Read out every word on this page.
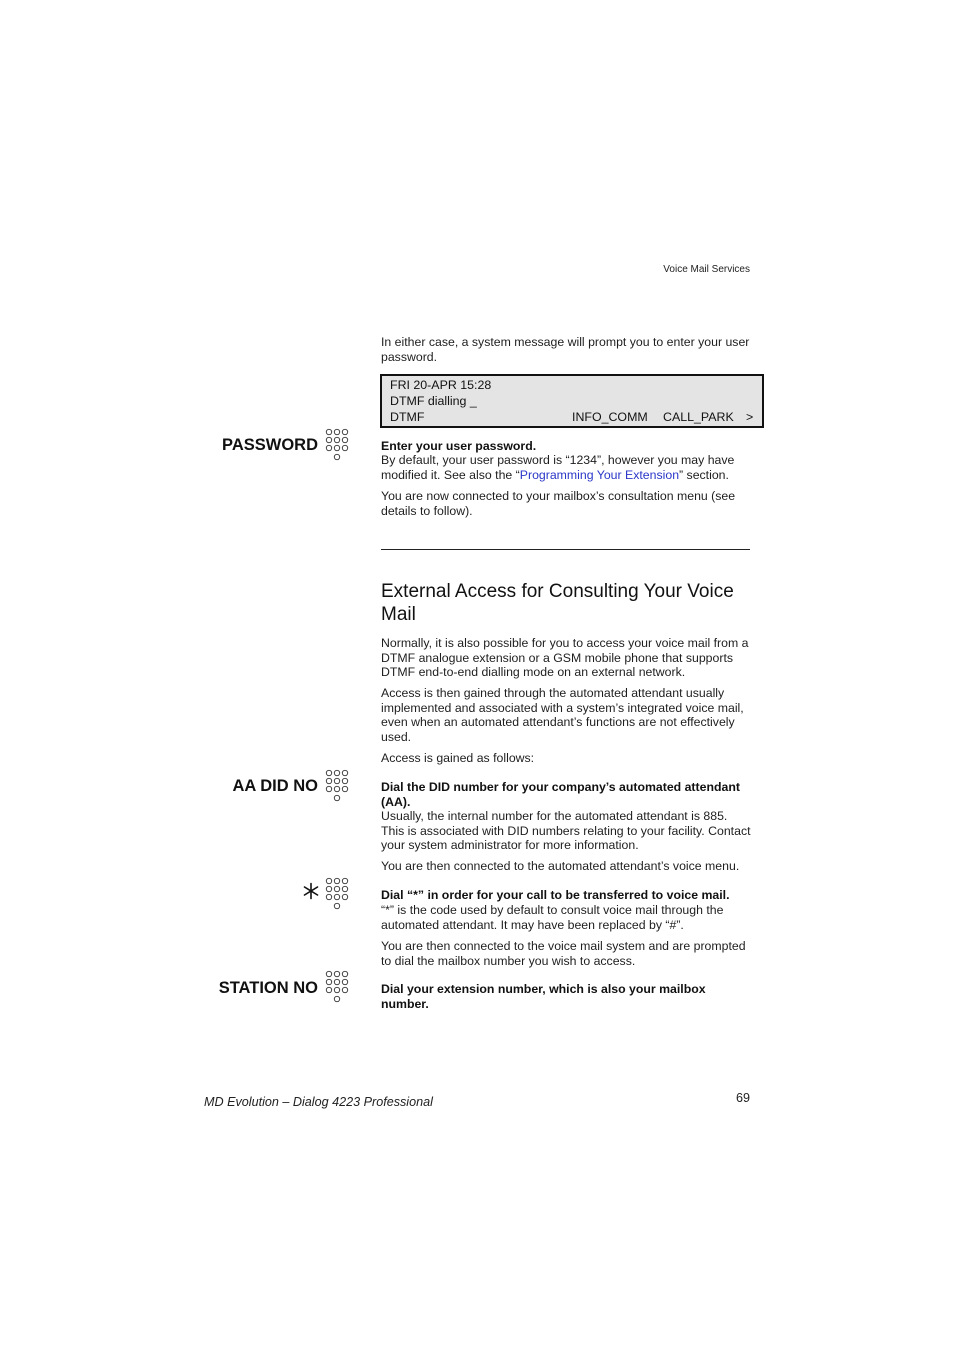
Voice Mail Services
In either case, a system message will prompt you to enter your user password.
FRI 20-APR 15:28
DTMF dialling _
DTMF	INFO_COMM CALL_PARK >
PASSWORD	Enter your user password.
By default, your user password is “1234”, however you may have modified it. See also the “Programming Your Extension” section.
You are now connected to your mailbox’s consultation menu (see details to follow).
External Access for Consulting Your Voice Mail
Normally, it is also possible for you to access your voice mail from a DTMF analogue extension or a GSM mobile phone that supports DTMF end-to-end dialling mode on an external network.
Access is then gained through the automated attendant usually implemented and associated with a system’s integrated voice mail, even when an automated attendant’s functions are not effectively used.
Access is gained as follows:
AA DID NO	Dial the DID number for your company’s automated attendant (AA).
Usually, the internal number for the automated attendant is 885. This is associated with DID numbers relating to your facility. Contact your system administrator for more information.
You are then connected to the automated attendant’s voice menu.
Dial “*” in order for your call to be transferred to voice mail.
“*” is the code used by default to consult voice mail through the automated attendant. It may have been replaced by “#”.
You are then connected to the voice mail system and are prompted to dial the mailbox number you wish to access.
STATION NO	Dial your extension number, which is also your mailbox number.
MD Evolution – Dialog 4223 Professional	69
